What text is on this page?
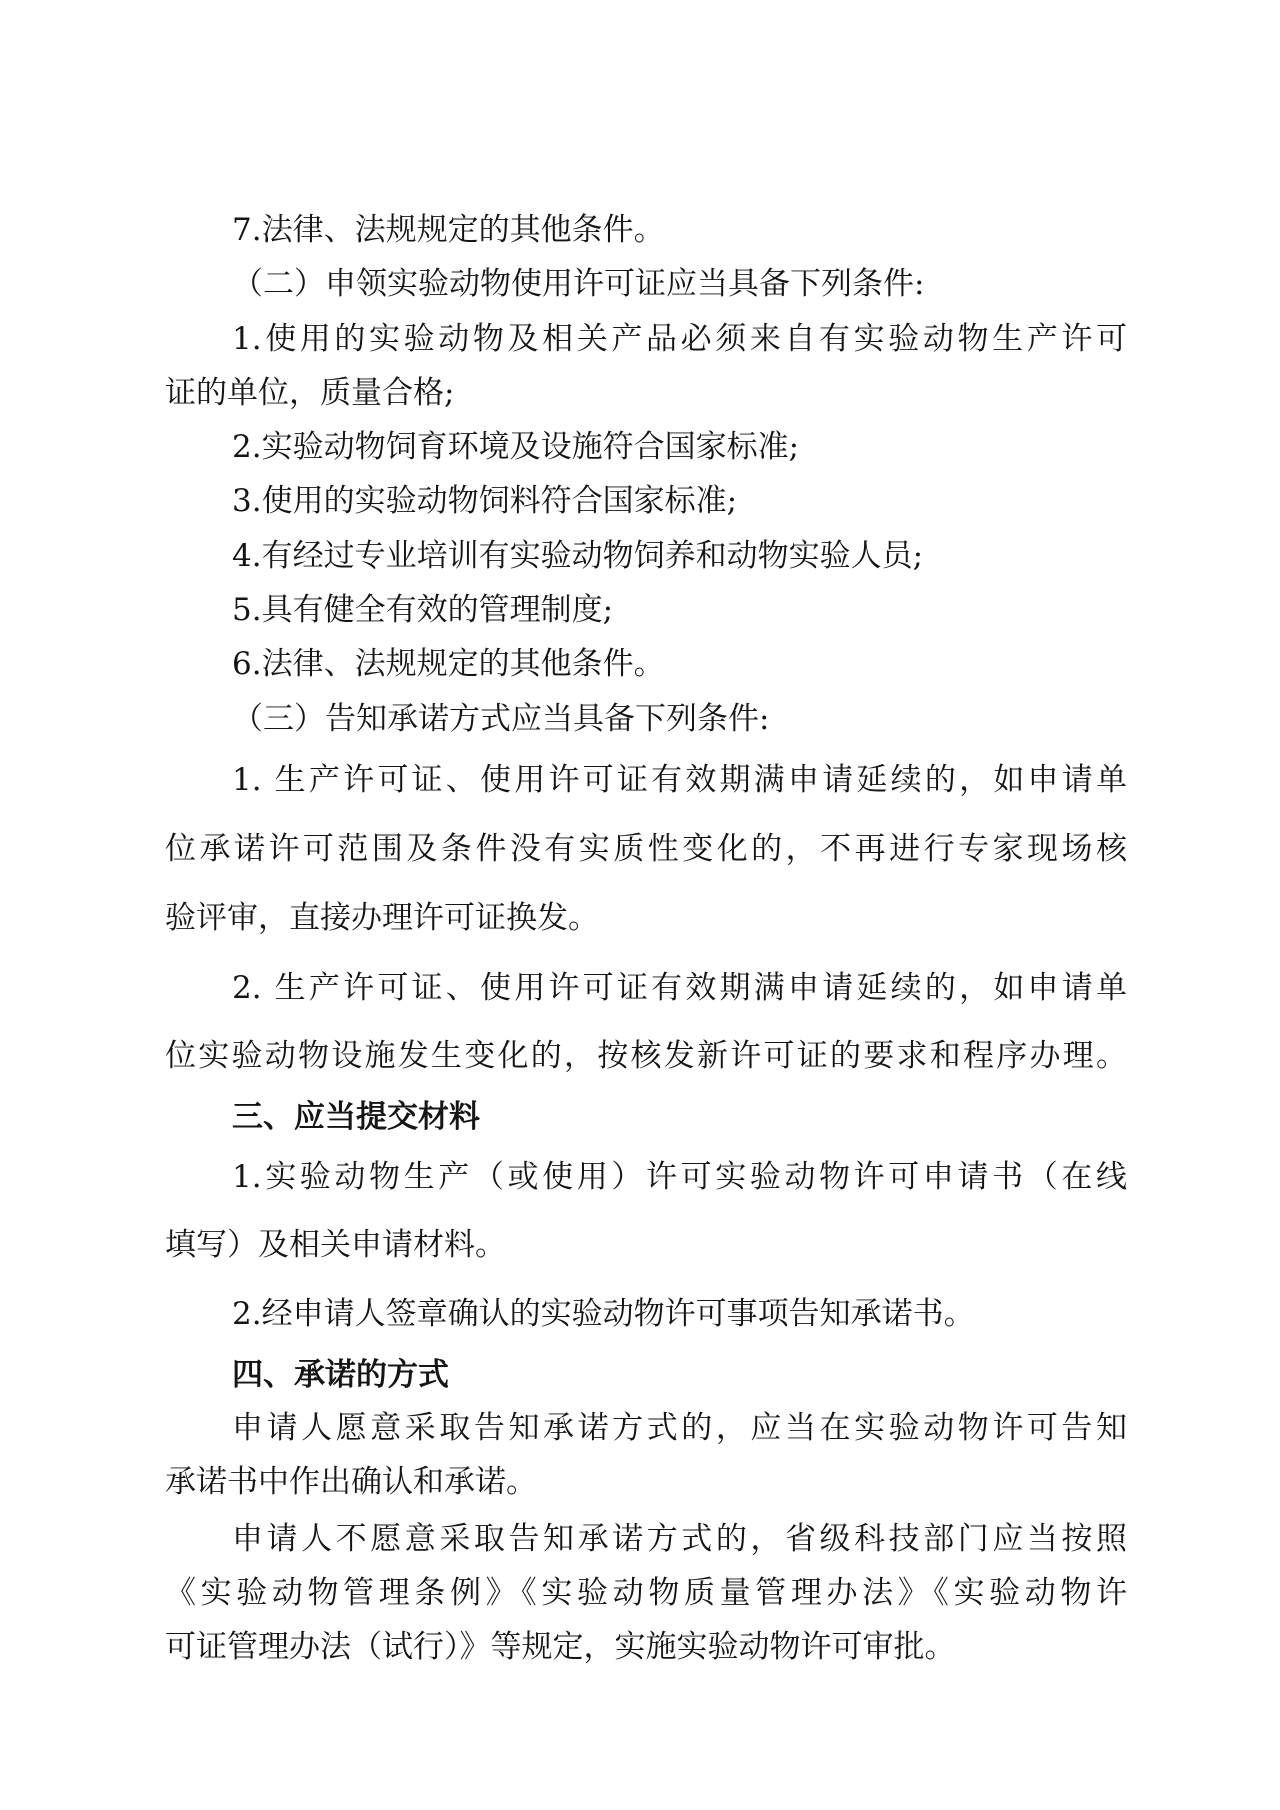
7.法律、法规规定的其他条件。
（二）申领实验动物使用许可证应当具备下列条件:
1.使用的实验动物及相关产品必须来自有实验动物生产许可
证的单位，质量合格;
2.实验动物饲育环境及设施符合国家标准;
3.使用的实验动物饲料符合国家标准;
4.有经过专业培训有实验动物饲养和动物实验人员;
5.具有健全有效的管理制度;
6.法律、法规规定的其他条件。
（三）告知承诺方式应当具备下列条件:
1. 生产许可证、使用许可证有效期满申请延续的，如申请单
位承诺许可范围及条件没有实质性变化的，不再进行专家现场核
验评审，直接办理许可证换发。
2. 生产许可证、使用许可证有效期满申请延续的，如申请单
位实验动物设施发生变化的，按核发新许可证的要求和程序办理。
三、应当提交材料
1.实验动物生产（或使用）许可实验动物许可申请书（在线
填写）及相关申请材料。
2.经申请人签章确认的实验动物许可事项告知承诺书。
四、承诺的方式
申请人愿意采取告知承诺方式的，应当在实验动物许可告知
承诺书中作出确认和承诺。
申请人不愿意采取告知承诺方式的，省级科技部门应当按照
《实验动物管理条例》《实验动物质量管理办法》《实验动物许
可证管理办法（试行）》等规定，实施实验动物许可审批。
